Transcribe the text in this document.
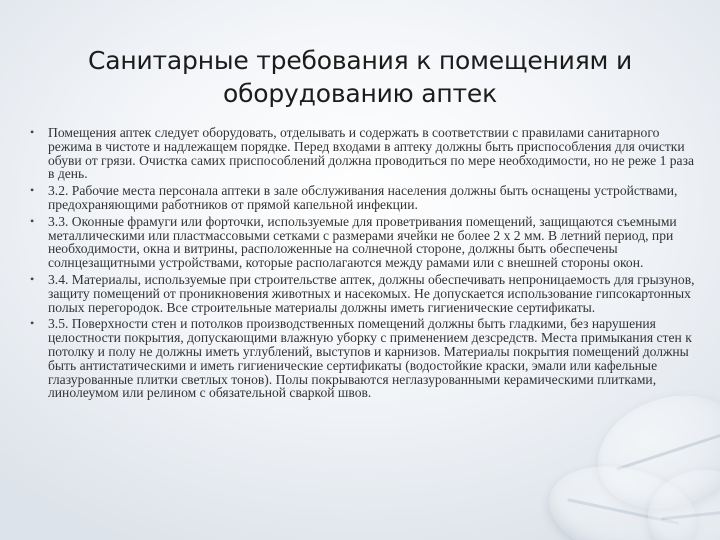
Санитарные требования к помещениям и оборудованию аптек
• Помещения аптек следует оборудовать, отделывать и содержать в соответствии с правилами санитарного режима в чистоте и надлежащем порядке. Перед входами в аптеку должны быть приспособления для очистки обуви от грязи. Очистка самих приспособлений должна проводиться по мере необходимости, но не реже 1 раза в день.
• 3.2. Рабочие места персонала аптеки в зале обслуживания населения должны быть оснащены устройствами, предохраняющими работников от прямой капельной инфекции.
• 3.3. Оконные фрамуги или форточки, используемые для проветривания помещений, защищаются съемными металлическими или пластмассовыми сетками с размерами ячейки не более 2 х 2 мм. В летний период, при необходимости, окна и витрины, расположенные на солнечной стороне, должны быть обеспечены солнцезащитными устройствами, которые располагаются между рамами или с внешней стороны окон.
• 3.4. Материалы, используемые при строительстве аптек, должны обеспечивать непроницаемость для грызунов, защиту помещений от проникновения животных и насекомых. Не допускается использование гипсокартонных полых перегородок. Все строительные материалы должны иметь гигиенические сертификаты.
• 3.5. Поверхности стен и потолков производственных помещений должны быть гладкими, без нарушения целостности покрытия, допускающими влажную уборку с применением дезсредств. Места примыкания стен к потолку и полу не должны иметь углублений, выступов и карнизов. Материалы покрытия помещений должны быть антистатическими и иметь гигиенические сертификаты (водостойкие краски, эмали или кафельные глазурованные плитки светлых тонов). Полы покрываются неглазурованными керамическими плитками, линолеумом или релином с обязательной сваркой швов.
